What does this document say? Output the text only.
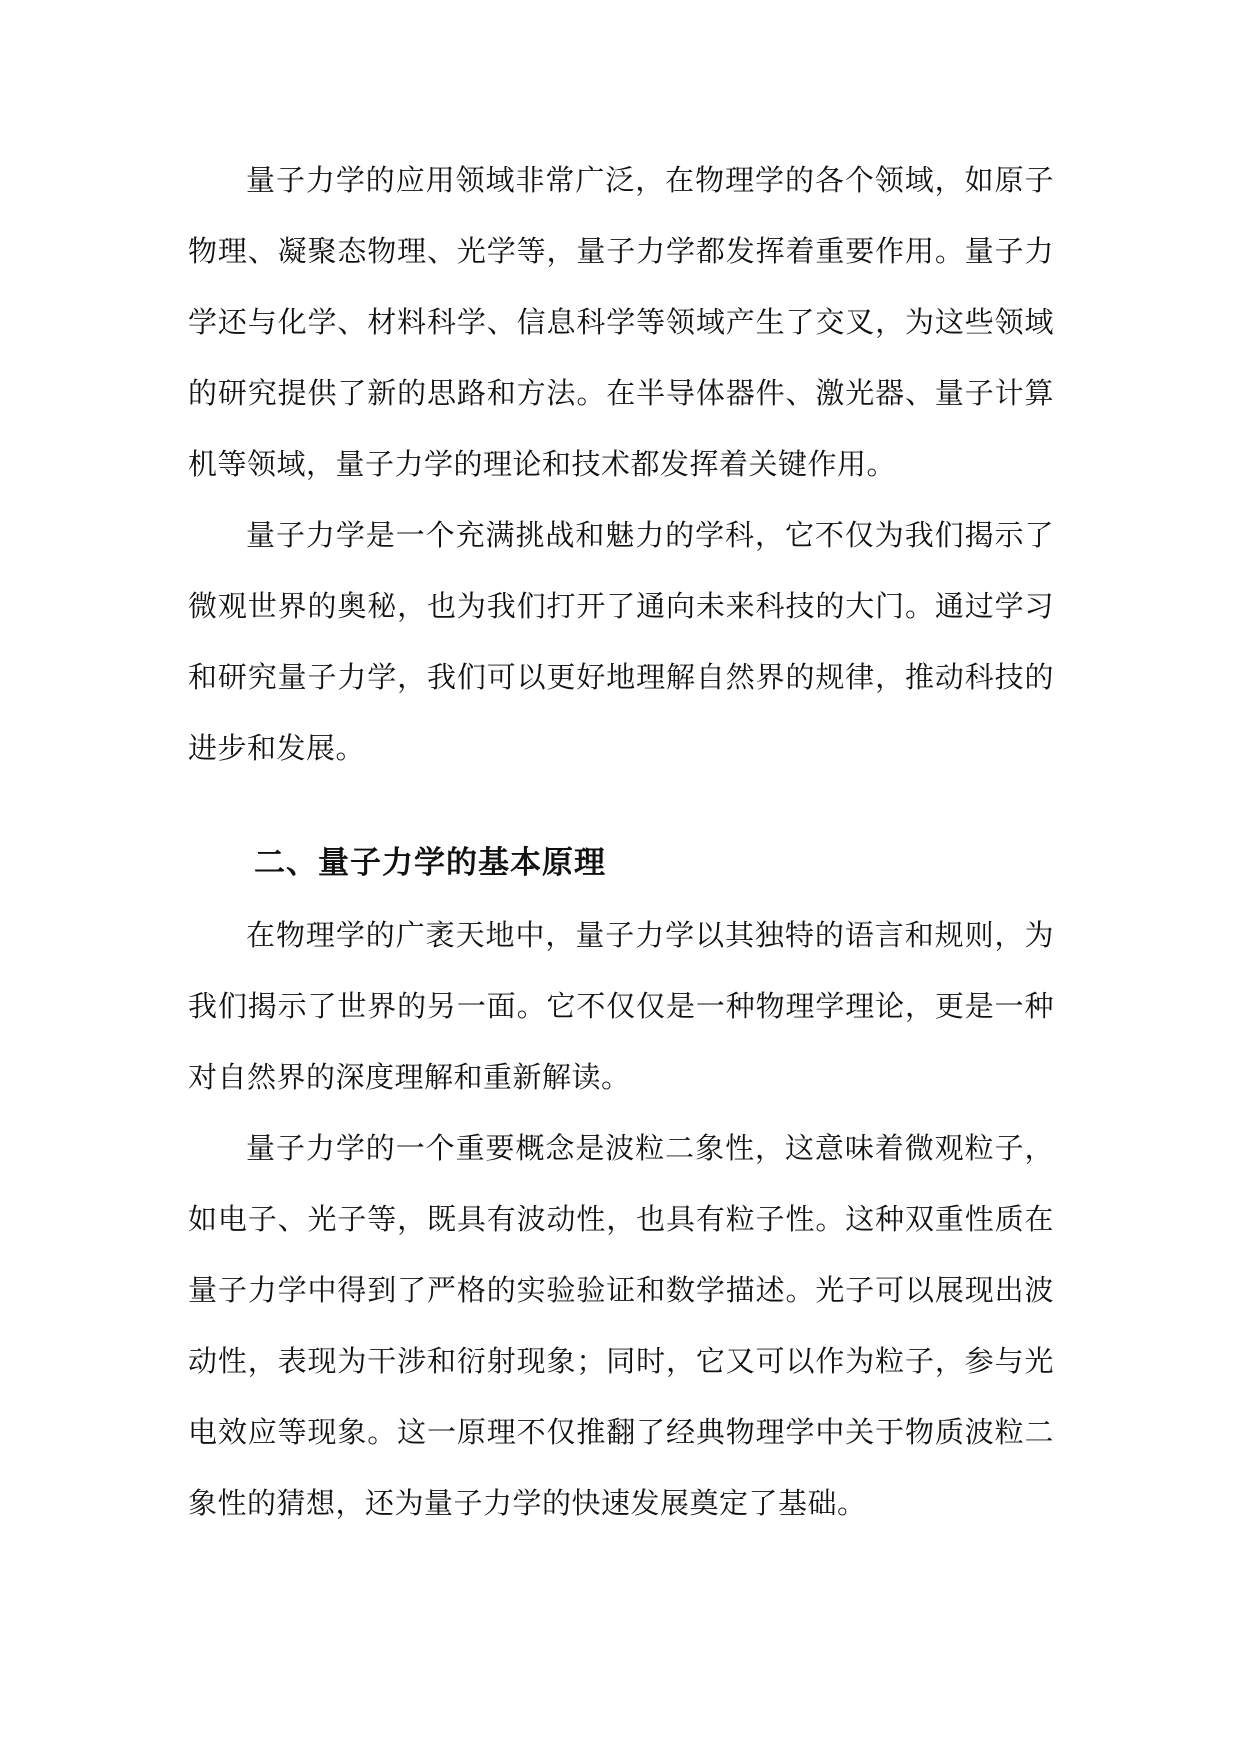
量子力学的应用领域非常广泛，在物理学的各个领域，如原子物理、凝聚态物理、光学等，量子力学都发挥着重要作用。量子力学还与化学、材料科学、信息科学等领域产生了交叉，为这些领域的研究提供了新的思路和方法。在半导体器件、激光器、量子计算机等领域，量子力学的理论和技术都发挥着关键作用。

量子力学是一个充满挑战和魅力的学科，它不仅为我们揭示了微观世界的奥秘，也为我们打开了通向未来科技的大门。通过学习和研究量子力学，我们可以更好地理解自然界的规律，推动科技的进步和发展。

二、量子力学的基本原理

在物理学的广袤天地中，量子力学以其独特的语言和规则，为我们揭示了世界的另一面。它不仅仅是一种物理学理论，更是一种对自然界的深度理解和重新解读。

量子力学的一个重要概念是波粒二象性，这意味着微观粒子，如电子、光子等，既具有波动性，也具有粒子性。这种双重性质在量子力学中得到了严格的实验验证和数学描述。光子可以展现出波动性，表现为干涉和衍射现象；同时，它又可以作为粒子，参与光电效应等现象。这一原理不仅推翻了经典物理学中关于物质波粒二象性的猜想，还为量子力学的快速发展奠定了基础。
